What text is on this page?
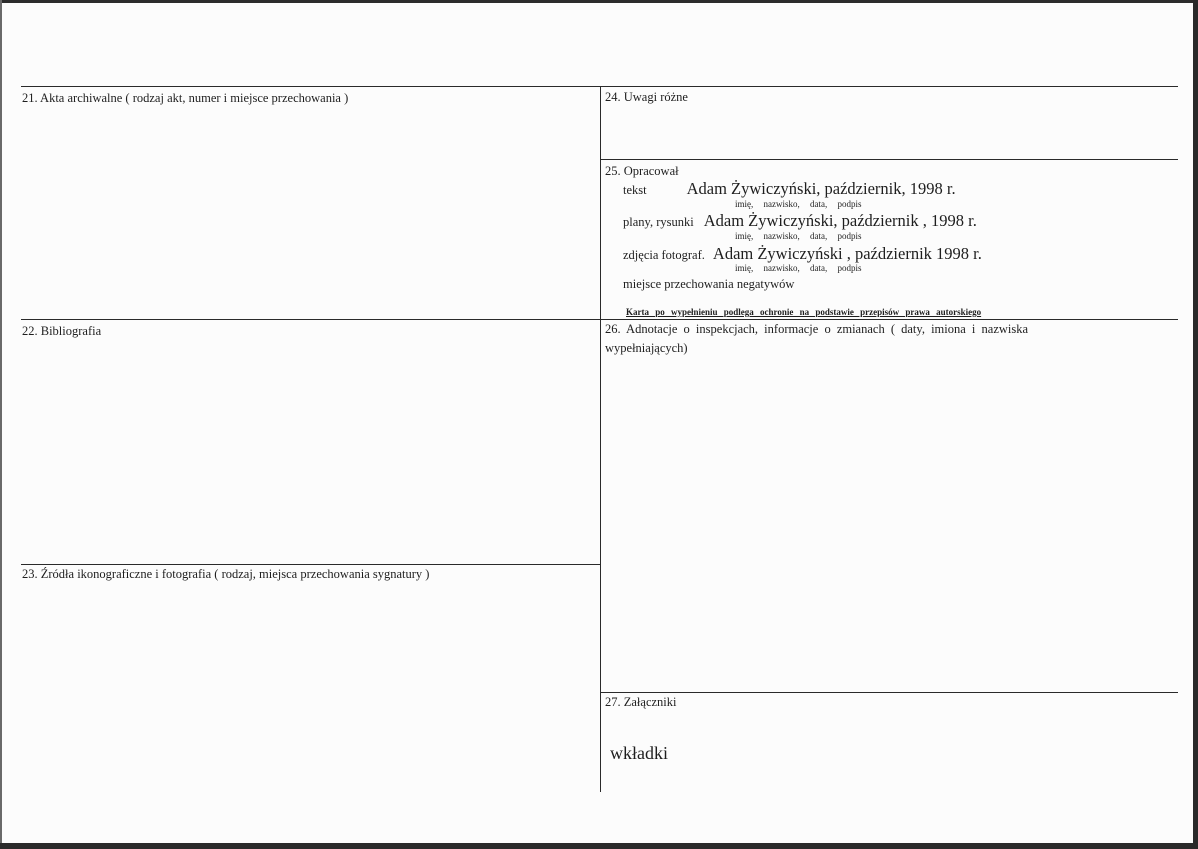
21. Akta archiwalne ( rodzaj akt, numer i miejsce przechowania )	24. Uwagi różne
25. Opracował
tekst Adam Żywiczyński, październik, 1998 r.
imię, nazwisko, data, podpis
plany, rysunki Adam Żywiczyński, październik , 1998 r.
imię, nazwisko, data, podpis
zdjęcia fotograf. Adam Żywiczyński , październik 1998 r.
imię, nazwisko, data, podpis
miejsce przechowania negatywów
Karta po wypełnieniu podlega ochronie na podstawie przepisów prawa autorskiego
22. Bibliografia	26. Adnotacje o inspekcjach, informacje o zmianach ( daty, imiona i nazwiska wypełniających)
23. Źródła ikonograficzne i fotografia ( rodzaj, miejsca przechowania sygnatury )
27. Załączniki
wkładki
